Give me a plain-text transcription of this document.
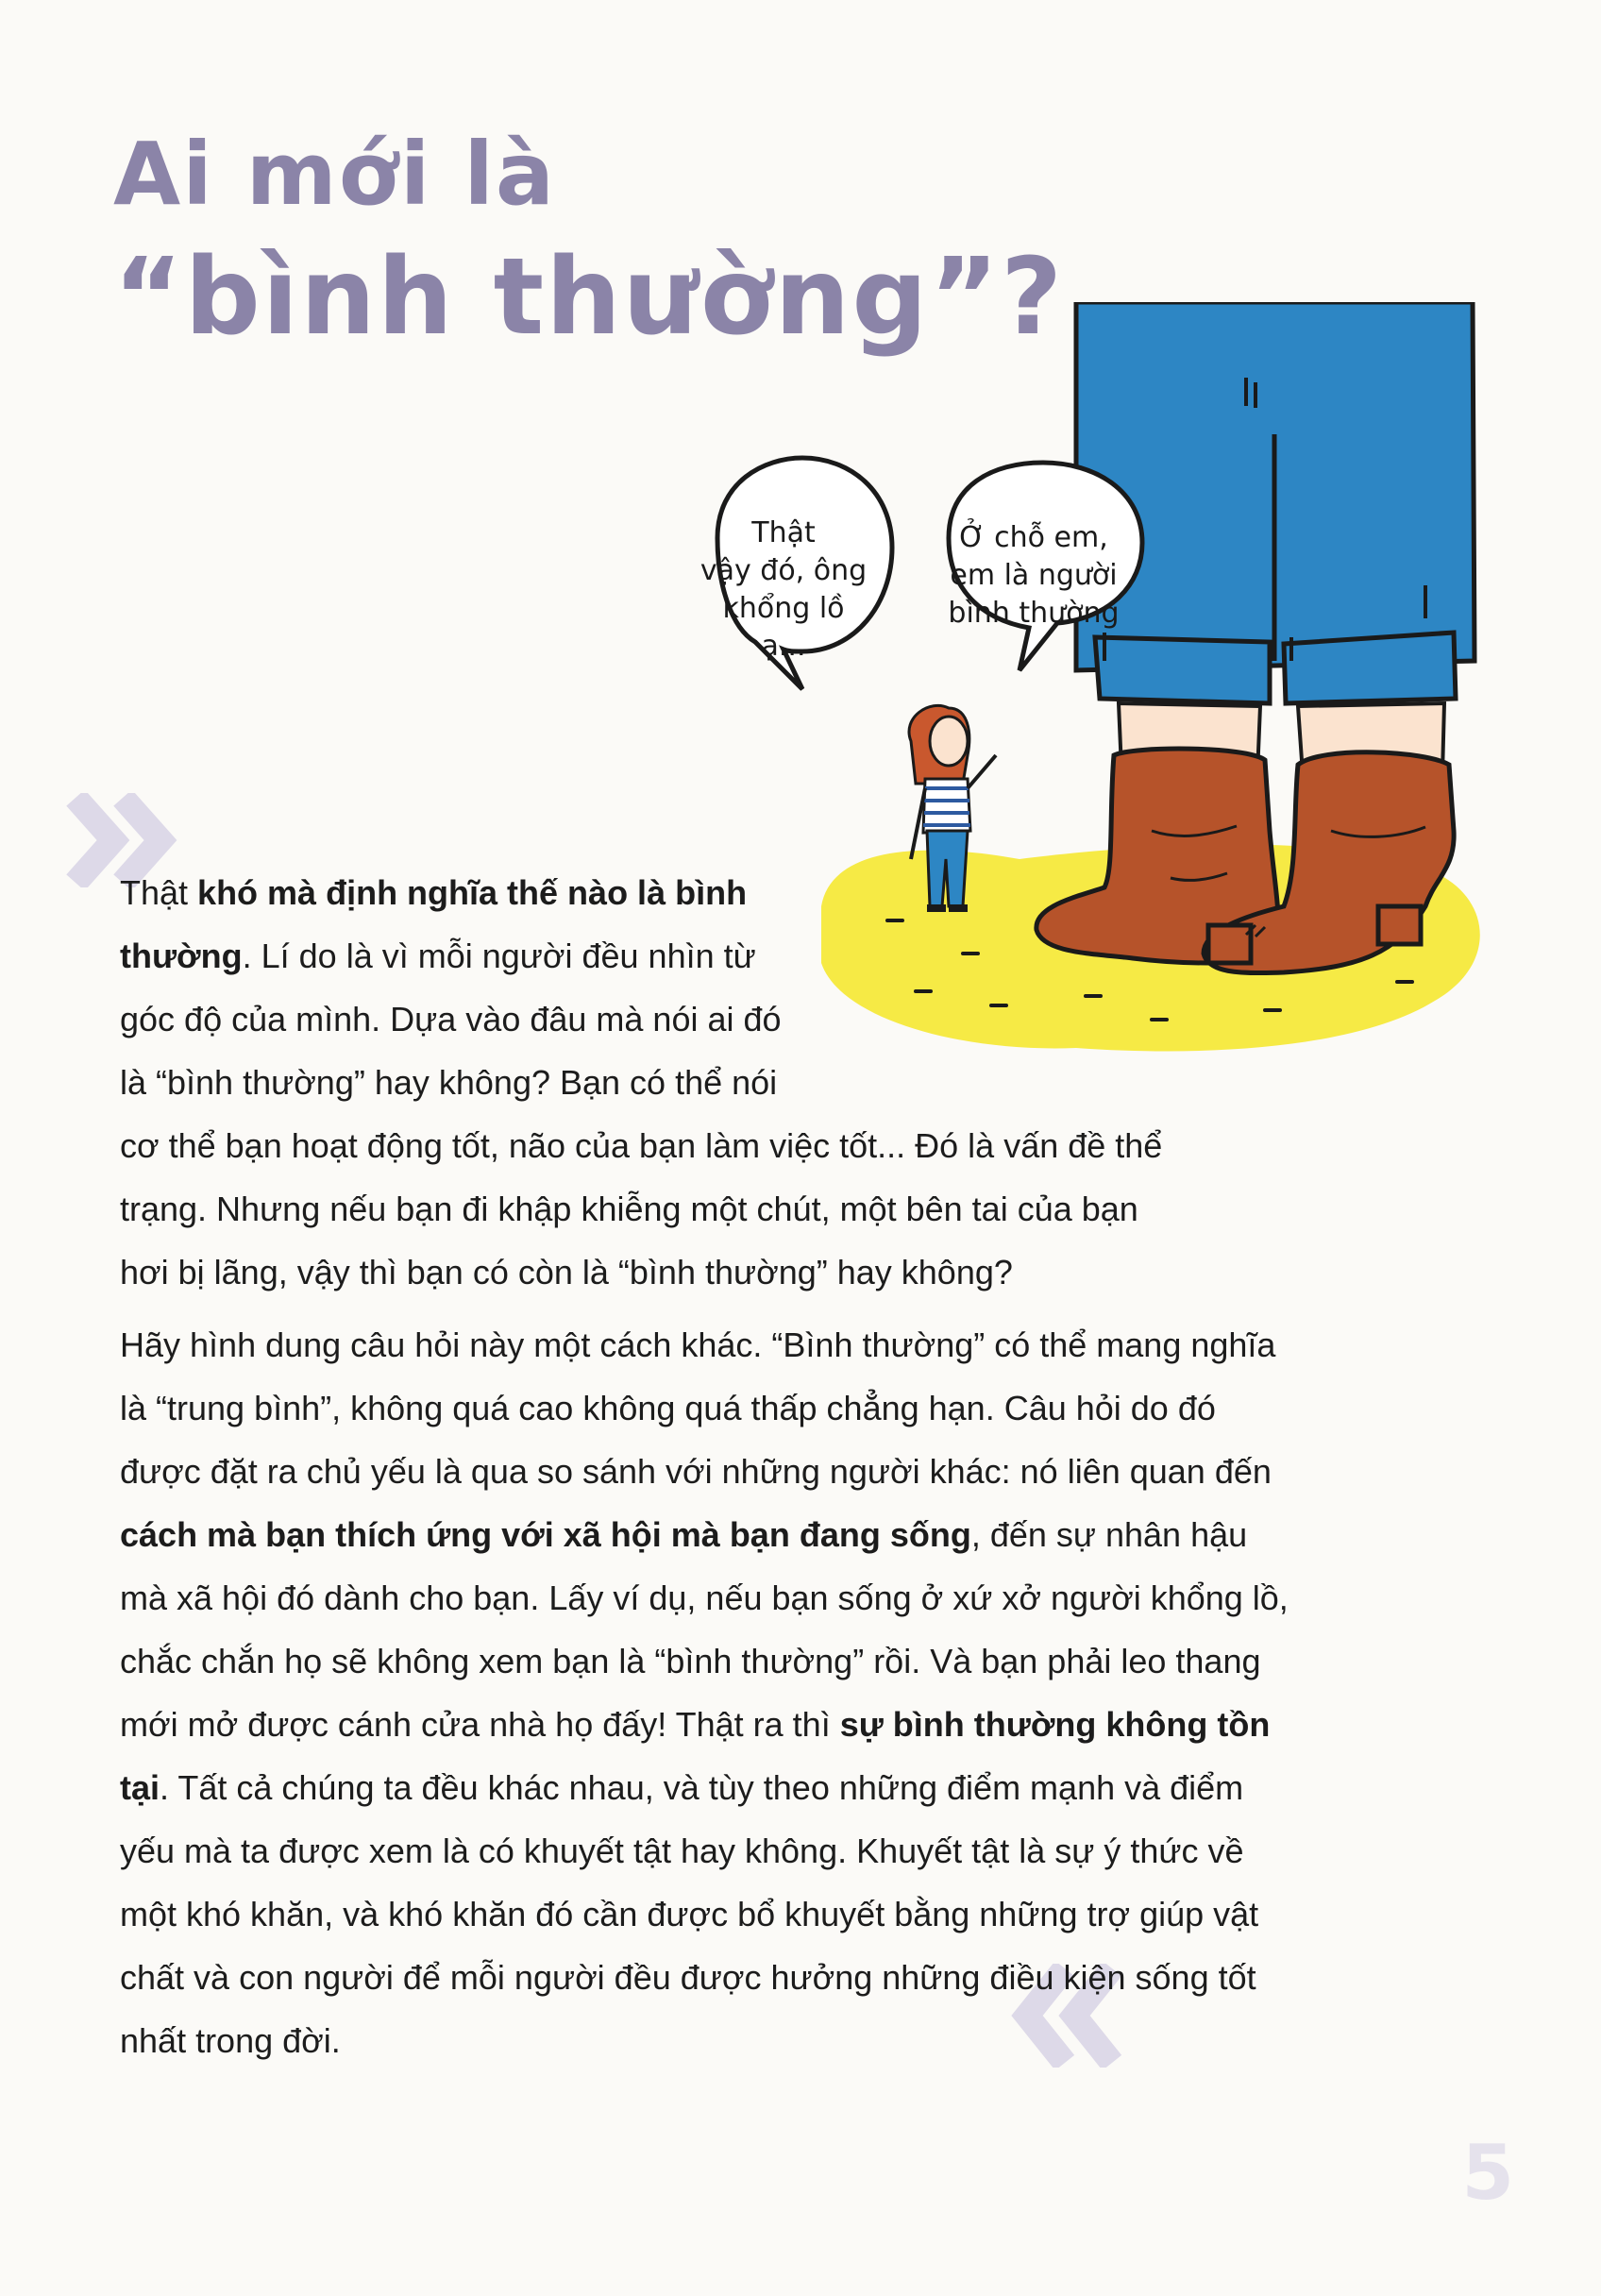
Ai mới là
“bình thường”?
Thật
vậy đó, ông
khổng lồ
ạ...
Ở chỗ em,
em là người
bình thường

Thật khó mà định nghĩa thế nào là bình thường. Lí do là vì mỗi người đều nhìn từ góc độ của mình. Dựa vào đâu mà nói ai đó là “bình thường” hay không? Bạn có thể nói
cơ thể bạn hoạt động tốt, não của bạn làm việc tốt... Đó là vấn đề thể trạng. Nhưng nếu bạn đi khập khiễng một chút, một bên tai của bạn hơi bị lãng, vậy thì bạn có còn là “bình thường” hay không?

Hãy hình dung câu hỏi này một cách khác. “Bình thường” có thể mang nghĩa là “trung bình”, không quá cao không quá thấp chẳng hạn. Câu hỏi do đó được đặt ra chủ yếu là qua so sánh với những người khác: nó liên quan đến cách mà bạn thích ứng với xã hội mà bạn đang sống, đến sự nhân hậu mà xã hội đó dành cho bạn. Lấy ví dụ, nếu bạn sống ở xứ xở người khổng lồ, chắc chắn họ sẽ không xem bạn là “bình thường” rồi. Và bạn phải leo thang mới mở được cánh cửa nhà họ đấy! Thật ra thì sự bình thường không tồn tại. Tất cả chúng ta đều khác nhau, và tùy theo những điểm mạnh và điểm yếu mà ta được xem là có khuyết tật hay không. Khuyết tật là sự ý thức về một khó khăn, và khó khăn đó cần được bổ khuyết bằng những trợ giúp vật chất và con người để mỗi người đều được hưởng những điều kiện sống tốt nhất trong đời.

5
